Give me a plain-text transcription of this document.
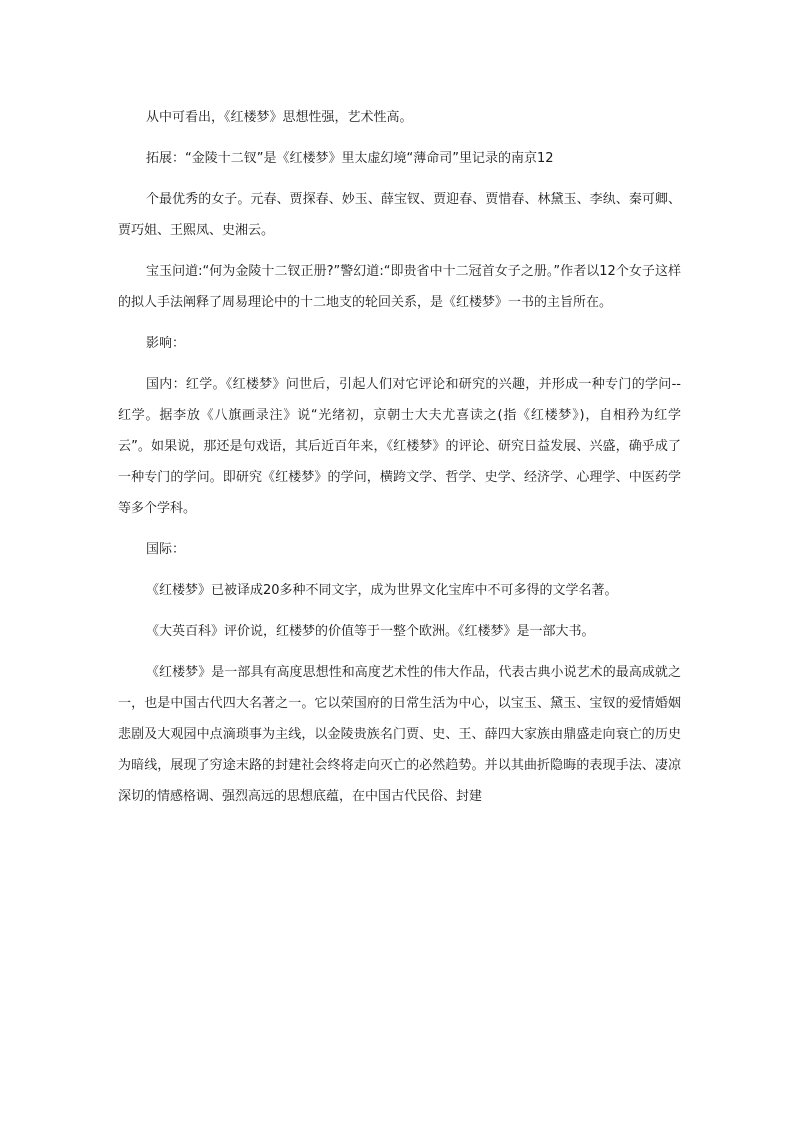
从中可看出，《红楼梦》思想性强，艺术性高。

拓展：“金陵十二钗”是《红楼梦》里太虚幻境“薄命司”里记录的南京12

个最优秀的女子。元春、贾探春、妙玉、薛宝钗、贾迎春、贾惜春、林黛玉、李纨、秦可卿、贾巧姐、王熙凤、史湘云。

宝玉问道:“何为金陵十二钗正册?”警幻道:“即贵省中十二冠首女子之册。”作者以12个女子这样的拟人手法阐释了周易理论中的十二地支的轮回关系，是《红楼梦》一书的主旨所在。

影响：

国内：红学。《红楼梦》问世后，引起人们对它评论和研究的兴趣，并形成一种专门的学问--红学。据李放《八旗画录注》说“光绪初，京朝士大夫尤喜读之(指《红楼梦》)，自相矜为红学云”。如果说，那还是句戏语，其后近百年来，《红楼梦》的评论、研究日益发展、兴盛，确乎成了一种专门的学问。即研究《红楼梦》的学问，横跨文学、哲学、史学、经济学、心理学、中医药学等多个学科。

国际：

《红楼梦》已被译成20多种不同文字，成为世界文化宝库中不可多得的文学名著。

《大英百科》评价说，红楼梦的价值等于一整个欧洲。《红楼梦》是一部大书。

《红楼梦》是一部具有高度思想性和高度艺术性的伟大作品，代表古典小说艺术的最高成就之一，也是中国古代四大名著之一。它以荣国府的日常生活为中心，以宝玉、黛玉、宝钗的爱情婚姻悲剧及大观园中点滴琐事为主线，以金陵贵族名门贾、史、王、薛四大家族由鼎盛走向衰亡的历史为暗线，展现了穷途末路的封建社会终将走向灭亡的必然趋势。并以其曲折隐晦的表现手法、凄凉深切的情感格调、强烈高远的思想底蕴，在中国古代民俗、封建
